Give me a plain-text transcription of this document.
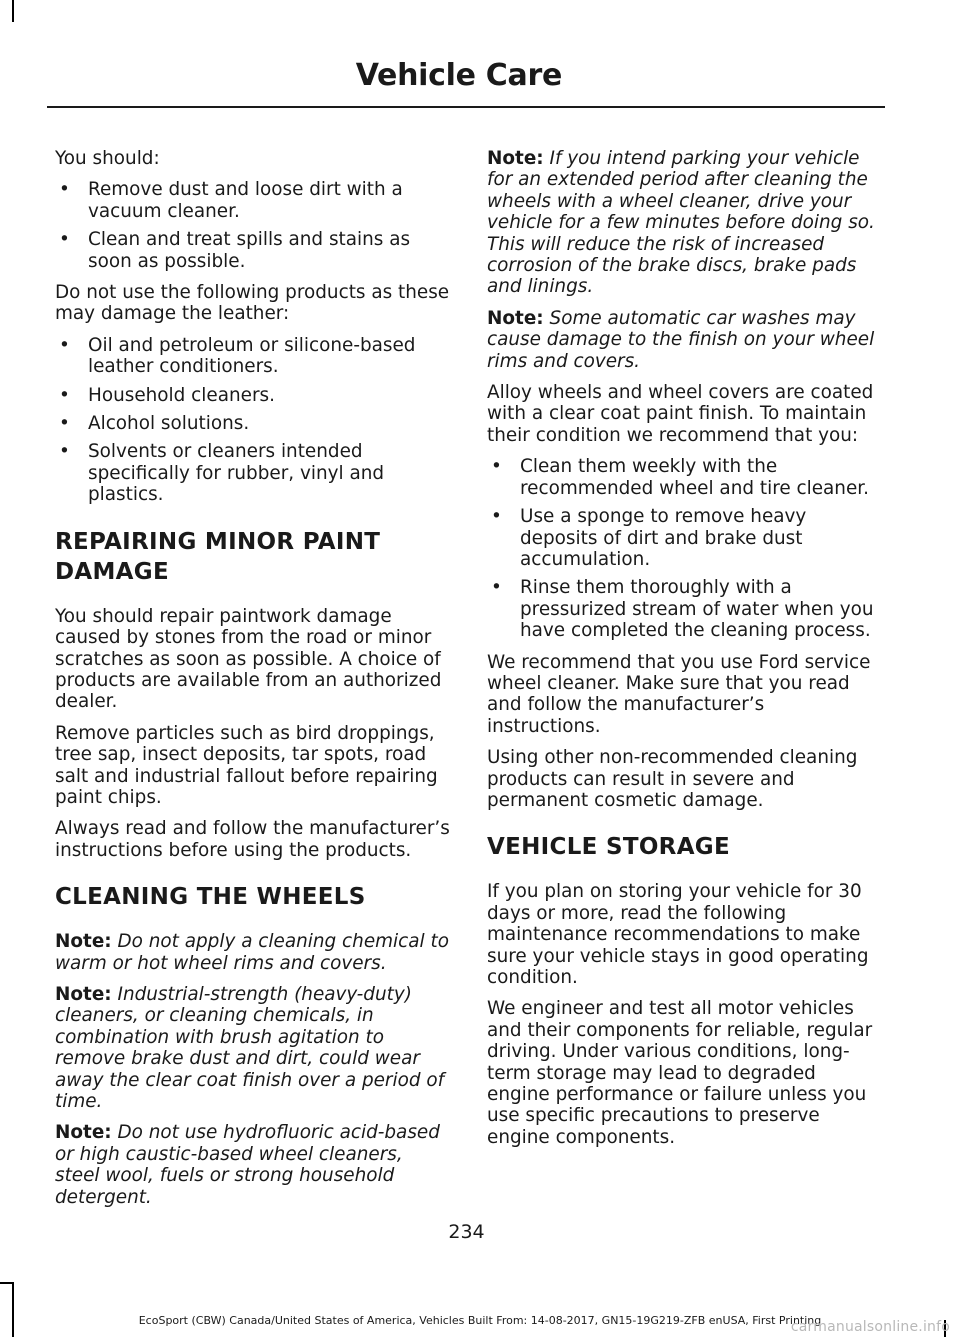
Vehicle Care

You should:

• Remove dust and loose dirt with a vacuum cleaner.
• Clean and treat spills and stains as soon as possible.

Do not use the following products as these may damage the leather:

• Oil and petroleum or silicone-based leather conditioners.
• Household cleaners.
• Alcohol solutions.
• Solvents or cleaners intended specifically for rubber, vinyl and plastics.
REPAIRING MINOR PAINT DAMAGE

You should repair paintwork damage caused by stones from the road or minor scratches as soon as possible. A choice of products are available from an authorized dealer.

Remove particles such as bird droppings, tree sap, insect deposits, tar spots, road salt and industrial fallout before repairing paint chips.

Always read and follow the manufacturer’s instructions before using the products.

CLEANING THE WHEELS

Note: Do not apply a cleaning chemical to warm or hot wheel rims and covers.

Note: Industrial-strength (heavy-duty) cleaners, or cleaning chemicals, in combination with brush agitation to remove brake dust and dirt, could wear away the clear coat finish over a period of time.

Note: Do not use hydrofluoric acid-based or high caustic-based wheel cleaners, steel wool, fuels or strong household detergent.

Note: If you intend parking your vehicle for an extended period after cleaning the wheels with a wheel cleaner, drive your vehicle for a few minutes before doing so. This will reduce the risk of increased corrosion of the brake discs, brake pads and linings.

Note: Some automatic car washes may cause damage to the finish on your wheel rims and covers.

Alloy wheels and wheel covers are coated with a clear coat paint finish. To maintain their condition we recommend that you:

• Clean them weekly with the recommended wheel and tire cleaner.
• Use a sponge to remove heavy deposits of dirt and brake dust accumulation.
• Rinse them thoroughly with a pressurized stream of water when you have completed the cleaning process.

We recommend that you use Ford service wheel cleaner. Make sure that you read and follow the manufacturer’s instructions.

Using other non-recommended cleaning products can result in severe and permanent cosmetic damage.

VEHICLE STORAGE

If you plan on storing your vehicle for 30 days or more, read the following maintenance recommendations to make sure your vehicle stays in good operating condition.

We engineer and test all motor vehicles and their components for reliable, regular driving. Under various conditions, long-term storage may lead to degraded engine performance or failure unless you use specific precautions to preserve engine components.

234

EcoSport (CBW) Canada/United States of America, Vehicles Built From: 14-08-2017, GN15-19G219-ZFB enUSA, First Printing

carmanualsonline.info
